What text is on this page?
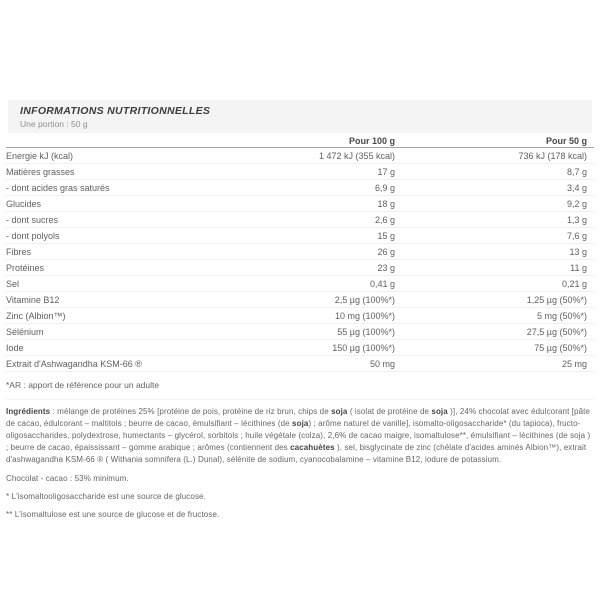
INFORMATIONS NUTRITIONNELLES
Une portion : 50 g
Pour 100 g	Pour 50 g
Energie kJ (kcal)	1 472 kJ (355 kcal)	736 kJ (178 kcal)
Matières grasses	17 g	8,7 g
- dont acides gras saturés	6,9 g	3,4 g
Glucides	18 g	9,2 g
- dont sucres	2,6 g	1,3 g
- dont polyols	15 g	7,6 g
Fibres	26 g	13 g
Protéines	23 g	11 g
Sel	0,41 g	0,21 g
Vitamine B12	2,5 µg (100%*)	1,25 µg (50%*)
Zinc (Albion™)	10 mg (100%*)	5 mg (50%*)
Sélénium	55 µg (100%*)	27,5 µg (50%*)
Iode	150 µg (100%*)	75 µg (50%*)
Extrait d'Ashwagandha KSM-66 ®	50 mg	25 mg
*AR : apport de référence pour un adulte

Ingrédients : mélange de protéines 25% [protéine de pois, protéine de riz brun, chips de soja ( isolat de protéine de soja )], 24% chocolat avec édulcorant [pâte de cacao, édulcorant – maltitols ; beurre de cacao, émulsifiant – lécithines (de soja) ; arôme naturel de vanille], isomalto-oligosaccharide* (du tapioca), fructo-oligosaccharides, polydextrose, humectants – glycérol, sorbitols ; huile végétale (colza), 2,6% de cacao maigre, isomaltulose**, émulsifiant – lécithines (de soja ) ; beurre de cacao, épaississant – gomme arabique ; arômes (contiennent des cacahuètes ), sel, bisglycinate de zinc (chélate d'acides aminés Albion™), extrait d'ashwagandha KSM-66 ® ( Withania somnifera (L.) Dunal), sélénite de sodium, cyanocobalamine – vitamine B12, iodure de potassium.

Chocolat - cacao : 53% minimum.

* L'isomaltooligosaccharide est une source de glucose.

** L'isomaltulose est une source de glucose et de fructose.
